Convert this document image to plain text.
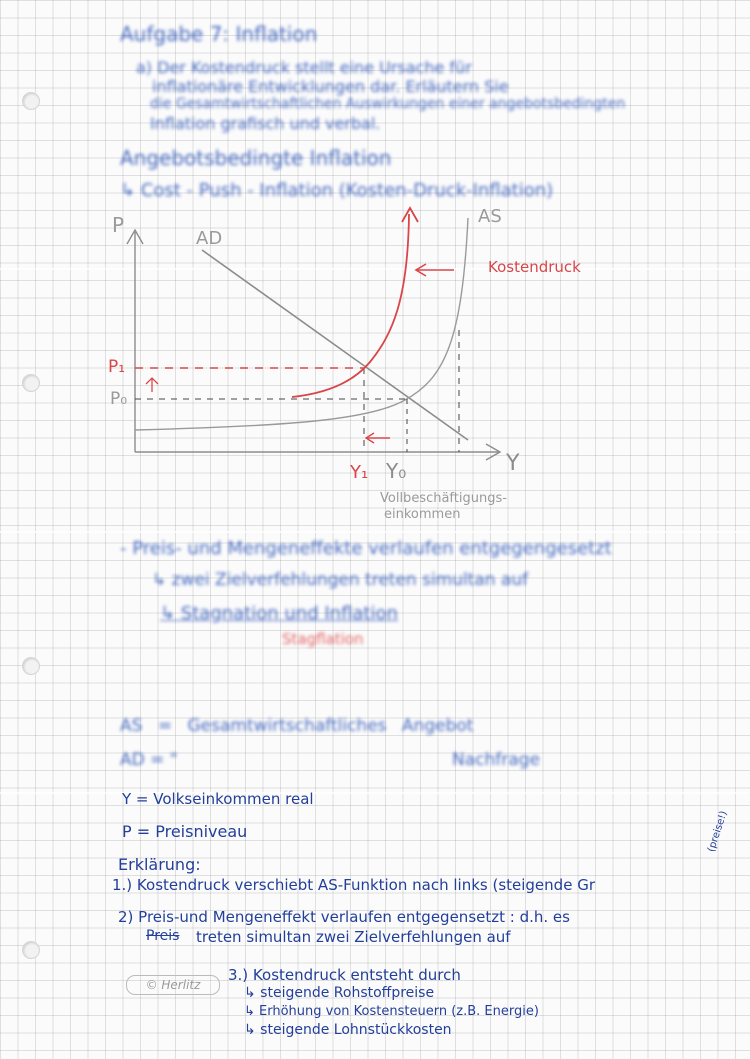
Aufgabe 7: Inflation
a) Der Kostendruck stellt eine Ursache für
inflationäre Entwicklungen dar. Erläutern Sie
die Gesamtwirtschaftlichen Auswirkungen einer angebotsbedingten
Inflation grafisch und verbal.
Angebotsbedingte Inflation
↳ Cost - Push - Inflation (Kosten-Druck-Inflation)
- Preis- und Mengeneffekte verlaufen entgegengesetzt
↳ zwei Zielverfehlungen treten simultan auf
↳ Stagnation und Inflation
Stagflation
AS = Gesamtwirtschaftliches Angebot
AD = "	Nachfrage
P
AD
AS
Kostendruck
P₁
P₀
Y₁ Y₀	Y
Vollbeschäftigungs-
einkommen
Y = Volkseinkommen real
P = Preisniveau
Erklärung:
1.) Kostendruck verschiebt AS-Funktion nach links (steigende Gr
(preise!)
2) Preis-und Mengeneffekt verlaufen entgegensetzt : d.h. es
Preis treten simultan zwei Zielverfehlungen auf
3.) Kostendruck entsteht durch
↳ steigende Rohstoffpreise
↳ Erhöhung von Kostensteuern (z.B. Energie)
↳ steigende Lohnstückkosten
© Herlitz
